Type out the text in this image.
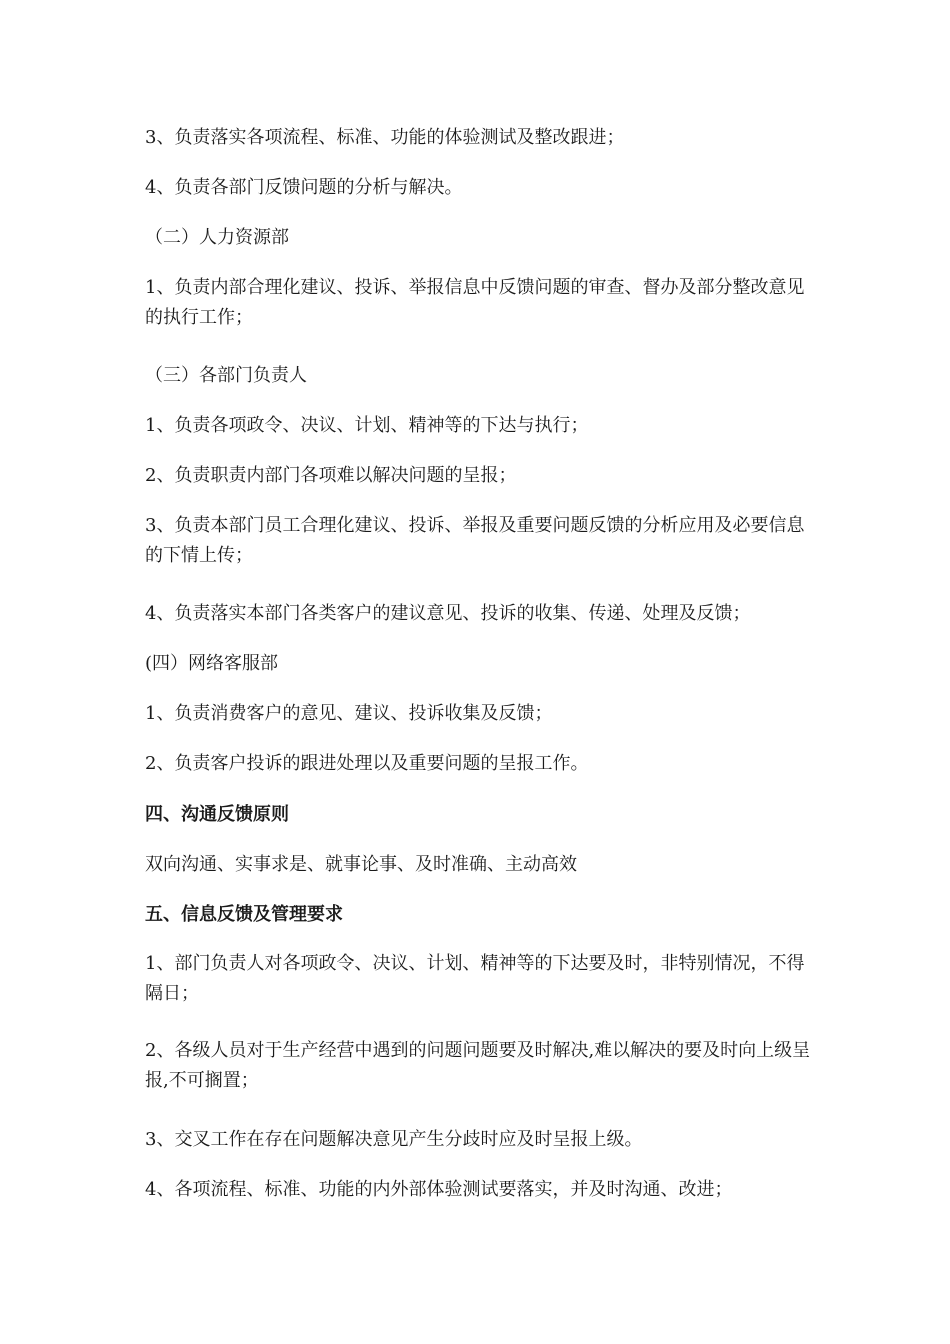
3、负责落实各项流程、标准、功能的体验测试及整改跟进；

4、负责各部门反馈问题的分析与解决。

（二）人力资源部

1、负责内部合理化建议、投诉、举报信息中反馈问题的审查、督办及部分整改意见的执行工作；

（三）各部门负责人

1、负责各项政令、决议、计划、精神等的下达与执行；

2、负责职责内部门各项难以解决问题的呈报；

3、负责本部门员工合理化建议、投诉、举报及重要问题反馈的分析应用及必要信息的下情上传；

4、负责落实本部门各类客户的建议意见、投诉的收集、传递、处理及反馈；

(四）网络客服部

1、负责消费客户的意见、建议、投诉收集及反馈；

2、负责客户投诉的跟进处理以及重要问题的呈报工作。

四、沟通反馈原则

双向沟通、实事求是、就事论事、及时准确、主动高效

五、信息反馈及管理要求

1、部门负责人对各项政令、决议、计划、精神等的下达要及时，非特别情况，不得隔日；

2、各级人员对于生产经营中遇到的问题问题要及时解决,难以解决的要及时向上级呈报,不可搁置；

3、交叉工作在存在问题解决意见产生分歧时应及时呈报上级。

4、各项流程、标准、功能的内外部体验测试要落实，并及时沟通、改进；
